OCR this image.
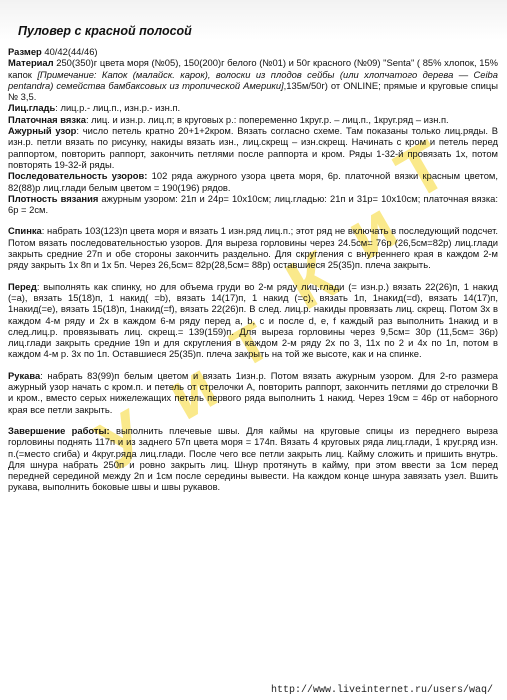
У
и
т
К
и
Т
Пуловер с красной полосой

Размер 40/42(44/46)

Материал 250(350)г цвета моря (№05), 150(200)г белого (№01) и 50г красного (№09) "Senta" ( 85% хлопок, 15% капок [Примечание: Капок (малайск. карок), волоски из плодов сейбы (или хлопчатого дерева — Ceiba pentandra) семейства бамбаксовых из тропической Америки],135м/50г) от ONLINE; прямые и круговые спицы № 3,5.

Лиц.гладь: лиц.р.- лиц.п., изн.р.- изн.п.

Платочная вязка: лиц. и изн.р. лиц.п; в круговых р.: попеременно 1круг.р. – лиц.п., 1круг.ряд – изн.п.

Ажурный узор: число петель кратно 20+1+2кром. Вязать согласно схеме. Там показаны только лиц.ряды. В изн.р. петли вязать по рисунку, накиды вязать изн., лиц.скрещ – изн.скрещ. Начинать с кром и петель перед раппортом, повторить раппорт, закончить петлями после раппорта и кром. Ряды 1-32-й провязать 1х, потом повторять 19-32-й ряды.

Последовательность узоров: 102 ряда ажурного узора цвета моря, 6р. платочной вязки красным цветом, 82(88)р лиц.глади белым цветом = 190(196) рядов.

Плотность вязания ажурным узором: 21п и 24р= 10х10см; лиц.гладью: 21п и 31р= 10х10см; платочная вязка: 6р = 2см.

Спинка: набрать 103(123)п цвета моря и вязать 1 изн.ряд лиц.п.; этот ряд не включать в последующий подсчет. Потом вязать последовательностью узоров. Для выреза горловины через 24.5см= 76р (26,5см=82р) лиц.глади закрыть средние 27п и обе стороны закончить раздельно. Для скругления с внутреннего края в каждом 2-м ряду закрыть 1х 8п и 1х 5п. Через 26,5см= 82р(28,5см= 88р) оставшиеся 25(35)п. плеча закрыть.

Перед: выполнять как спинку, но для объема груди во 2-м ряду лиц.глади (= изн.р.) вязать 22(26)п, 1 накид (=a), вязать 15(18)п, 1 накид( =b), вязать 14(17)п, 1 накид (=c), вязать 1п, 1накид(=d), вязать 14(17)п, 1накид(=e), вязать 15(18)п, 1накид(=f), вязать 22(26)п. В след. лиц.р. накиды провязать лиц. скрещ. Потом 3х в каждом 4-м ряду и 2х в каждом 6-м ряду перед a, b, c и после d, e, f каждый раз выполнить 1накид и в след.лиц.р. провязывать лиц. скрещ.= 139(159)п. Для выреза горловины через 9,5см= 30р (11,5см= 36р) лиц.глади закрыть средние 19п и для скругления в каждом 2-м ряду 2х по 3, 11х по 2 и 4х по 1п, потом в каждом 4-м р. 3х по 1п. Оставшиеся 25(35)п. плеча закрыть на той же высоте, как и на спинке.

Рукава: набрать 83(99)п белым цветом и вязать 1изн.р. Потом вязать ажурным узором. Для 2-го размера ажурный узор начать с кром.п. и петель от стрелочки A, повторить раппорт, закончить петлями до стрелочки B и кром., вместо серых нижележащих петель первого ряда выполнить 1 накид. Через 19см = 46р от наборного края все петли закрыть.

Завершение работы: выполнить плечевые швы. Для каймы на круговые спицы из переднего выреза горловины поднять 117п и из заднего 57п цвета моря = 174п. Вязать 4 круговых ряда лиц.глади, 1 круг.ряд изн. п.(=место сгиба) и 4круг.ряда лиц.глади. После чего все петли закрыть лиц. Кайму сложить и пришить внутрь. Для шнура набрать 250п и ровно закрыть лиц. Шнур протянуть в кайму, при этом ввести за 1см перед передней серединой между 2п и 1см после середины вывести. На каждом конце шнура завязать узел. Вшить рукава, выполнить боковые швы и швы рукавов.

http://www.liveinternet.ru/users/waq/
